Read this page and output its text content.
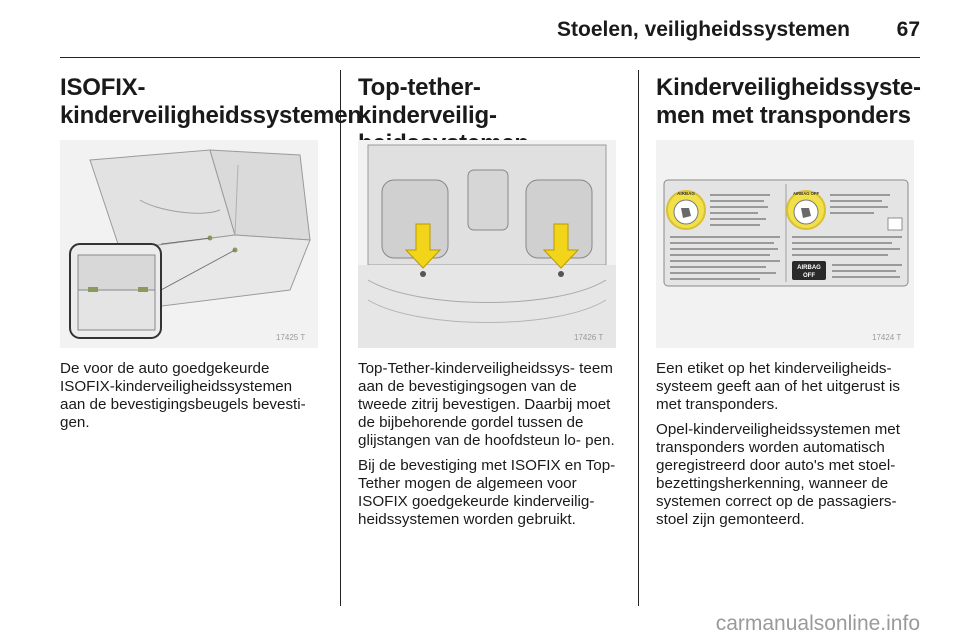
Stoelen, veiligheidssystemen 67
ISOFIX-
kinderveiligheidssystemen
17425 T

De voor de auto goedgekeurde ISOFIX-kinderveiligheidssystemen aan de bevestigingsbeugels bevesti- gen.

Top-tether-kinderveilig-

17426 T

Top-Tether-kinderveiligheidssys- teem aan de bevestigingsogen van de tweede zitrij bevestigen. Daarbij moet de bijbehorende gordel tussen de glijstangen van de hoofdsteun lo- pen.

Bij de bevestiging met ISOFIX en Top-Tether mogen de algemeen voor ISOFIX goedgekeurde kinderveilig- heidssystemen worden gebruikt.

Kinderveiligheidssyste-
men met transponders
AIRBAG	AIRBAG OFF
AIRBAG
OFF
17424 T

Een etiket op het kinderveiligheids- systeem geeft aan of het uitgerust is met transponders.

Opel-kinderveiligheidssystemen met transponders worden automatisch geregistreerd door auto's met stoel- bezettingsherkenning, wanneer de systemen correct op de passagiers- stoel zijn gemonteerd.

carmanualsonline.info
